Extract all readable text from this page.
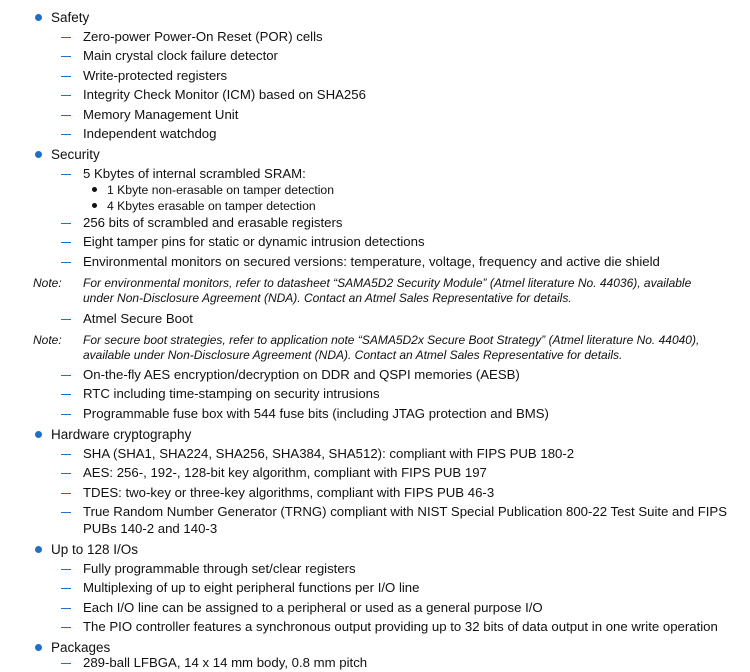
Safety
Zero-power Power-On Reset (POR) cells
Main crystal clock failure detector
Write-protected registers
Integrity Check Monitor (ICM) based on SHA256
Memory Management Unit
Independent watchdog
Security
5 Kbytes of internal scrambled SRAM:
1 Kbyte non-erasable on tamper detection
4 Kbytes erasable on tamper detection
256 bits of scrambled and erasable registers
Eight tamper pins for static or dynamic intrusion detections
Environmental monitors on secured versions: temperature, voltage, frequency and active die shield
Note: For environmental monitors, refer to datasheet “SAMA5D2 Security Module” (Atmel literature No. 44036), available
under Non-Disclosure Agreement (NDA). Contact an Atmel Sales Representative for details.
Atmel Secure Boot
Note: For secure boot strategies, refer to application note “SAMA5D2x Secure Boot Strategy” (Atmel literature No. 44040),
available under Non-Disclosure Agreement (NDA). Contact an Atmel Sales Representative for details.
On-the-fly AES encryption/decryption on DDR and QSPI memories (AESB)
RTC including time-stamping on security intrusions
Programmable fuse box with 544 fuse bits (including JTAG protection and BMS)
Hardware cryptography
SHA (SHA1, SHA224, SHA256, SHA384, SHA512): compliant with FIPS PUB 180-2
AES: 256-, 192-, 128-bit key algorithm, compliant with FIPS PUB 197
TDES: two-key or three-key algorithms, compliant with FIPS PUB 46-3
True Random Number Generator (TRNG) compliant with NIST Special Publication 800-22 Test Suite and FIPS
PUBs 140-2 and 140-3
Up to 128 I/Os
Fully programmable through set/clear registers
Multiplexing of up to eight peripheral functions per I/O line
Each I/O line can be assigned to a peripheral or used as a general purpose I/O
The PIO controller features a synchronous output providing up to 32 bits of data output in one write operation
Packages
289-ball LFBGA, 14 x 14 mm body, 0.8 mm pitch
